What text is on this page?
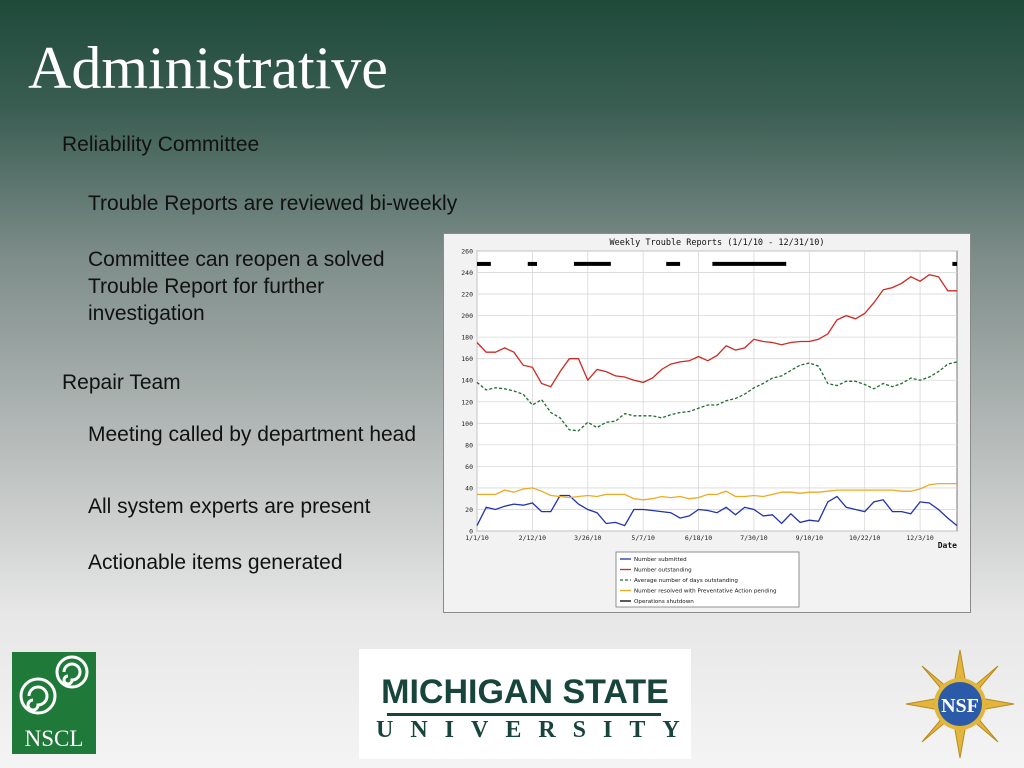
Administrative

Reliability Committee

Trouble Reports are reviewed bi-weekly

Committee can reopen a solved Trouble Report for further investigation

Repair Team

Meeting called by department head

All system experts are present

Actionable items generated

Weekly Trouble Reports (1/1/10 - 12/31/10)
0
20
40
60
80
100
120
140
160
180
200
220
240
260
1/1/10	2/12/10	3/26/10	5/7/10	6/18/10	7/30/10	9/10/10	10/22/10	12/3/10
Date
Number submitted
Number outstanding
Average number of days outstanding
Number resolved with Preventative Action pending
Operations shutdown
NSCL
MICHIGAN STATE
UNIVERSITY
NSF
